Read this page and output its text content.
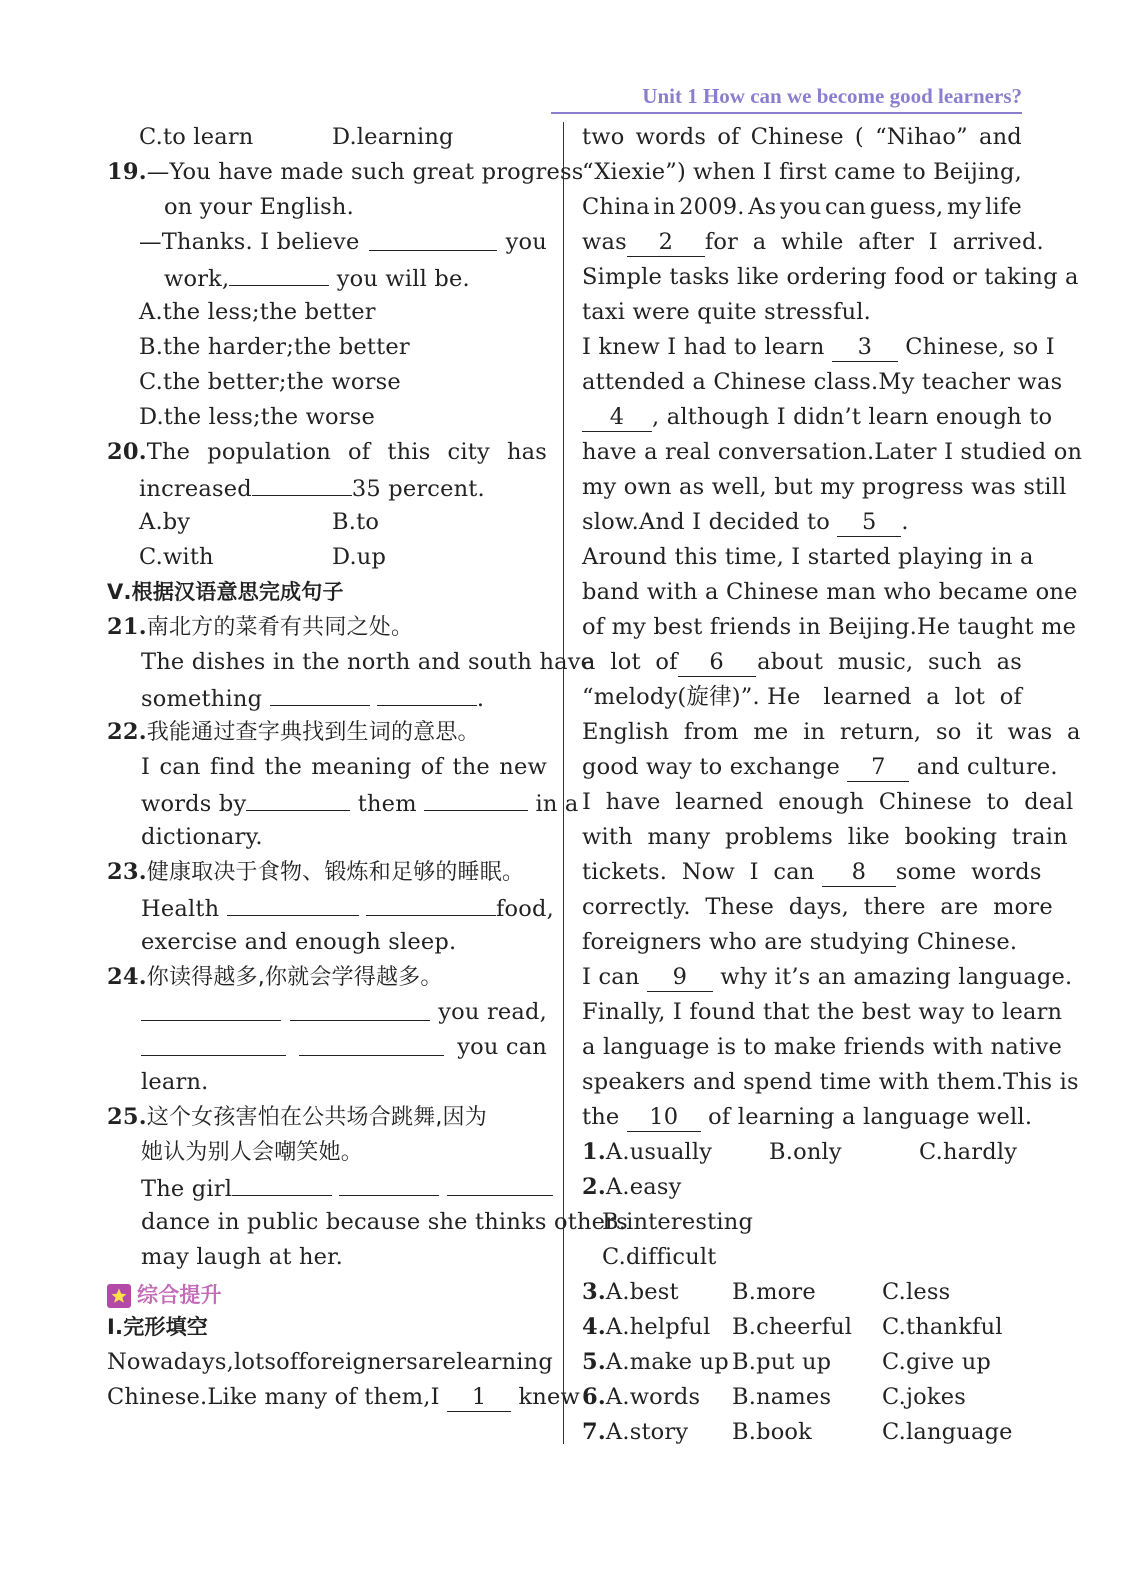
Unit 1 How can we become good learners?
C.to learn	D.learning
19.—You have made such great progress
on your English.
—Thanks. I believe	you
work,	you will be.
A.the less;the better
B.the harder;the better
C.the better;the worse
D.the less;the worse
20.The population of this city has
increased	35 percent.
A.by	B.to
C.with	D.up
Ⅴ.根据汉语意思完成句子
21.南北方的菜肴有共同之处。
The dishes in the north and south have
something	.
22.我能通过查字典找到生词的意思。
I can find the meaning of the new
words by	them	in a
dictionary.
23.健康取决于食物、锻炼和足够的睡眠。
Health	food,
exercise and enough sleep.
24.你读得越多,你就会学得越多。
you read,
you can
learn.
25.这个女孩害怕在公共场合跳舞,因为
她认为别人会嘲笑她。
The girl
dance in public because she thinks others
may laugh at her.
综合提升
Ⅰ.完形填空
Nowadays, lots of foreigners are learning
Chinese.Like many of them,I 1 knew
two words of Chinese ( “Nihao” and
“Xiexie”) when I first came to Beijing,
China in 2009. As you can guess, my life
was 2	for  a  while  after  I  arrived.
Simple tasks like ordering food or taking a
taxi were quite stressful.
I knew I had to learn 3 Chinese, so I
attended a Chinese class.My teacher was
4 , although I didn’t learn enough to
have a real conversation.Later I studied on
my own as well, but my progress was still
slow.And I decided to 5 .
Around this time, I started playing in a
band with a Chinese man who became one
of my best friends in Beijing.He taught me
a  lot  of 6	about  music,  such  as
“melody(旋律)”. He learned  a  lot  of
English  from  me  in  return,  so  it  was  a
good way to exchange 7 and culture.
I  have  learned  enough  Chinese  to  deal
with  many  problems  like  booking  train
tickets.  Now  I  can 8	some  words
correctly.  These  days,  there  are  more
foreigners who are studying Chinese.
I can 9 why it’s an amazing language.
Finally, I found that the best way to learn
a language is to make friends with native
speakers and spend time with them.This is
the 10 of learning a language well.
1.A.usually	B.only	C.hardly
2.A.easy
B.interesting
C.difficult
3.A.best B.more	C.less
4.A.helpful B.cheerful C.thankful
5.A.make up B.put up C.give up
6.A.words B.names C.jokes
7.A.story B.book	C.language
